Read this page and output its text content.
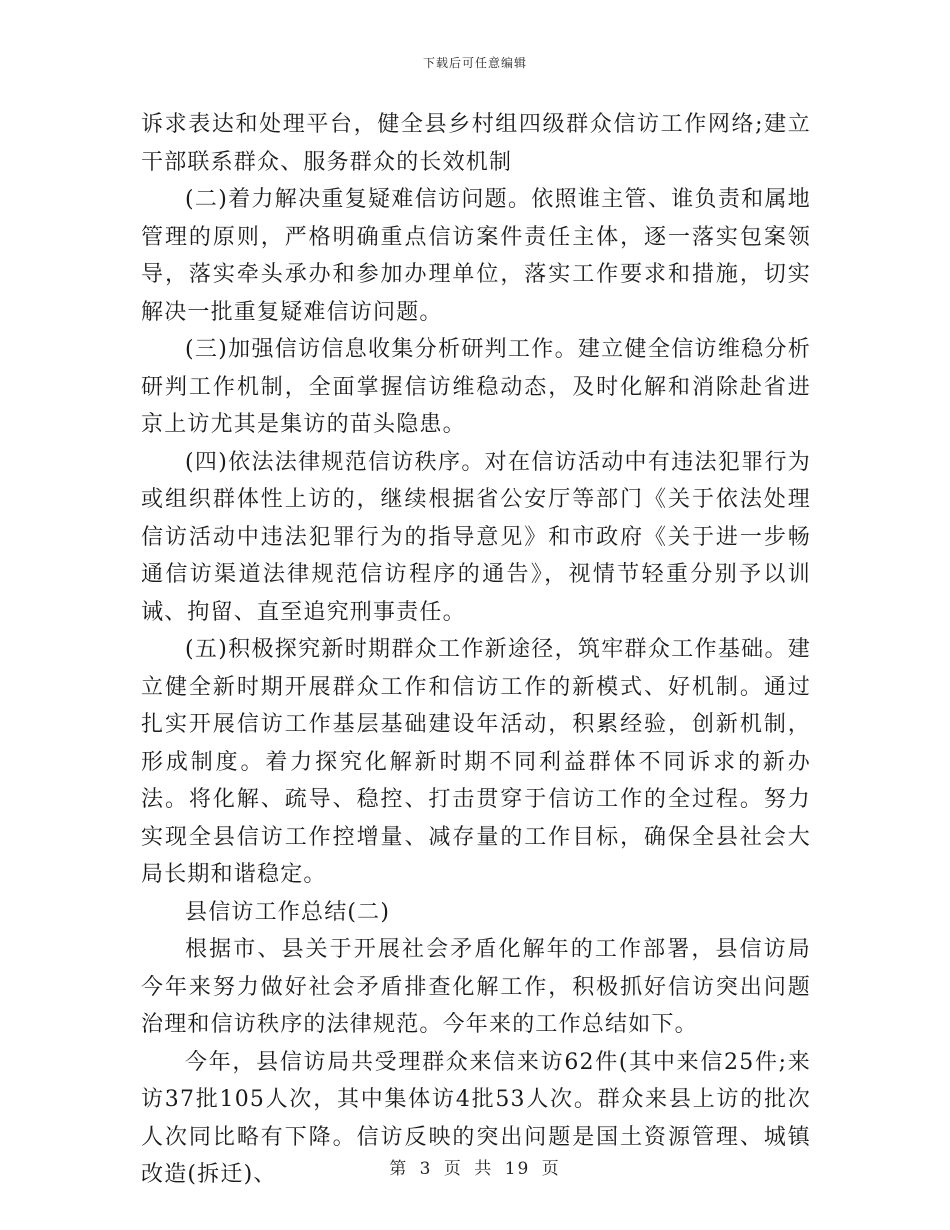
下载后可任意编辑

诉求表达和处理平台，健全县乡村组四级群众信访工作网络;建立干部联系群众、服务群众的长效机制

(二)着力解决重复疑难信访问题。依照谁主管、谁负责和属地管理的原则，严格明确重点信访案件责任主体，逐一落实包案领导，落实牵头承办和参加办理单位，落实工作要求和措施，切实解决一批重复疑难信访问题。

(三)加强信访信息收集分析研判工作。建立健全信访维稳分析研判工作机制，全面掌握信访维稳动态，及时化解和消除赴省进京上访尤其是集访的苗头隐患。

(四)依法法律规范信访秩序。对在信访活动中有违法犯罪行为或组织群体性上访的，继续根据省公安厅等部门《关于依法处理信访活动中违法犯罪行为的指导意见》和市政府《关于进一步畅通信访渠道法律规范信访程序的通告》，视情节轻重分别予以训诫、拘留、直至追究刑事责任。

(五)积极探究新时期群众工作新途径，筑牢群众工作基础。建立健全新时期开展群众工作和信访工作的新模式、好机制。通过扎实开展信访工作基层基础建设年活动，积累经验，创新机制，形成制度。着力探究化解新时期不同利益群体不同诉求的新办法。将化解、疏导、稳控、打击贯穿于信访工作的全过程。努力实现全县信访工作控增量、减存量的工作目标，确保全县社会大局长期和谐稳定。

县信访工作总结(二)

根据市、县关于开展社会矛盾化解年的工作部署，县信访局今年来努力做好社会矛盾排查化解工作，积极抓好信访突出问题治理和信访秩序的法律规范。今年来的工作总结如下。

今年，县信访局共受理群众来信来访62件(其中来信25件;来访37批105人次，其中集体访4批53人次。群众来县上访的批次人次同比略有下降。信访反映的突出问题是国土资源管理、城镇改造(拆迁)、	第 3 页 共 19 页
